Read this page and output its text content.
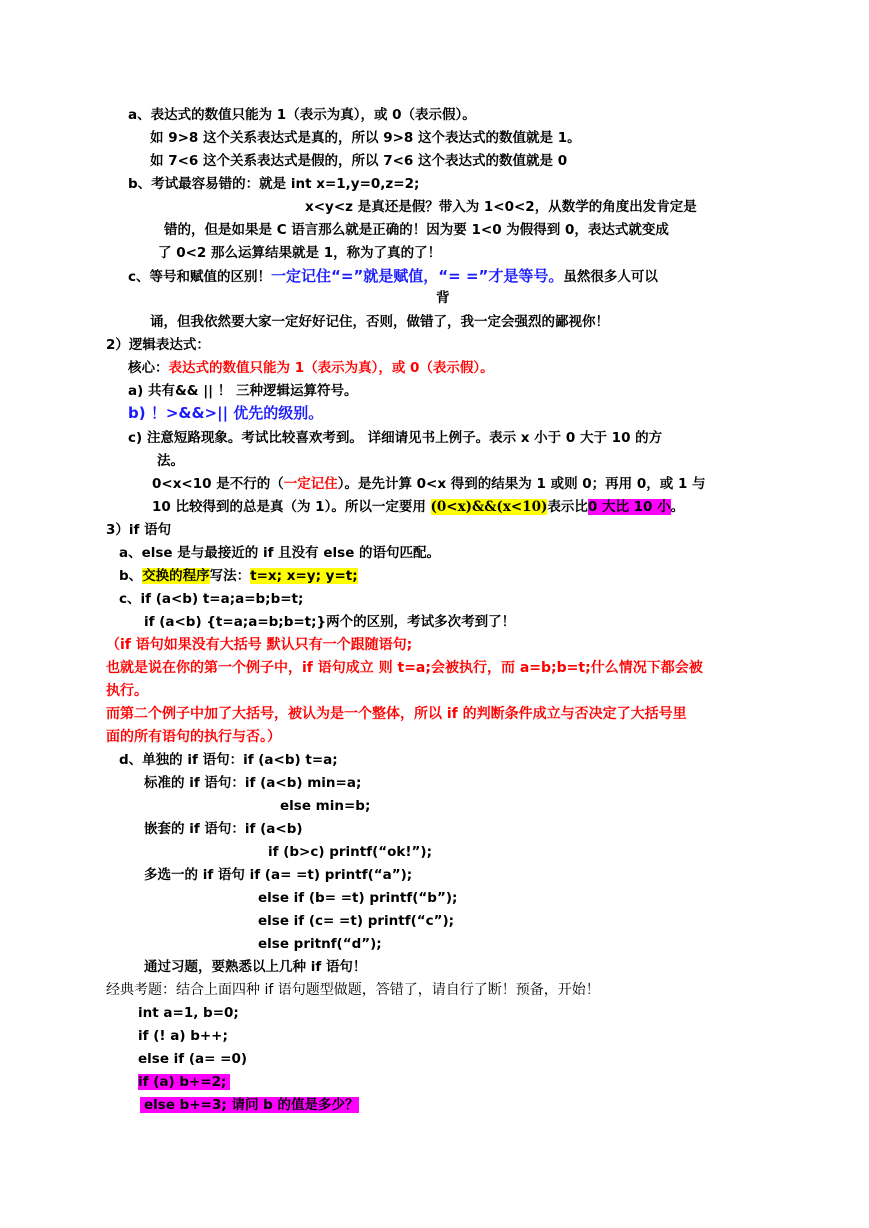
a、表达式的数值只能为 1（表示为真），或 0（表示假）。
如 9>8 这个关系表达式是真的，所以 9>8 这个表达式的数值就是 1。
如 7<6 这个关系表达式是假的，所以 7<6 这个表达式的数值就是 0
b、考试最容易错的：就是 int x=1,y=0,z=2;
x<y<z 是真还是假？带入为 1<0<2，从数学的角度出发肯定是
错的，但是如果是 C 语言那么就是正确的！因为要 1<0 为假得到 0，表达式就变成
了 0<2 那么运算结果就是 1，称为了真的了！
c、等号和赋值的区别！一定记住“=”就是赋值，“= =”才是等号。虽然很多人可以
背
诵，但我依然要大家一定好好记住，否则，做错了，我一定会强烈的鄙视你！
2）逻辑表达式：
核心：表达式的数值只能为 1（表示为真），或 0（表示假）。
a) 共有&& || ！ 三种逻辑运算符号。
b) ！>&&>|| 优先的级别。
c) 注意短路现象。考试比较喜欢考到。 详细请见书上例子。表示 x 小于 0 大于 10 的方
法。
0<x<10 是不行的（一定记住）。是先计算 0<x 得到的结果为 1 或则 0；再用 0，或 1 与
10 比较得到的总是真（为 1）。所以一定要用 (0<x)&&(x<10)表示比0 大比 10 小。
3）if 语句
a、else 是与最接近的 if 且没有 else 的语句匹配。
b、交换的程序写法：t=x; x=y; y=t;
c、if (a<b) t=a;a=b;b=t;
if (a<b) {t=a;a=b;b=t;}两个的区别，考试多次考到了！
（if 语句如果没有大括号 默认只有一个跟随语句;
也就是说在你的第一个例子中，if 语句成立 则 t=a;会被执行，而 a=b;b=t;什么情况下都会被
执行。
而第二个例子中加了大括号，被认为是一个整体，所以 if 的判断条件成立与否决定了大括号里
面的所有语句的执行与否。）
d、单独的 if 语句：if (a<b) t=a;
标准的 if 语句：if (a<b) min=a;
else min=b;
嵌套的 if 语句：if (a<b)
if (b>c) printf(“ok!”);
多选一的 if 语句 if (a= =t) printf(“a”);
else if (b= =t) printf(“b”);
else if (c= =t) printf(“c”);
else pritnf(“d”);
通过习题，要熟悉以上几种 if 语句！
经典考题：结合上面四种 if 语句题型做题，答错了，请自行了断！预备，开始！
int a=1, b=0;
if (! a) b++;
else if (a= =0)
if (a) b+=2;
else b+=3; 请问 b 的值是多少？
